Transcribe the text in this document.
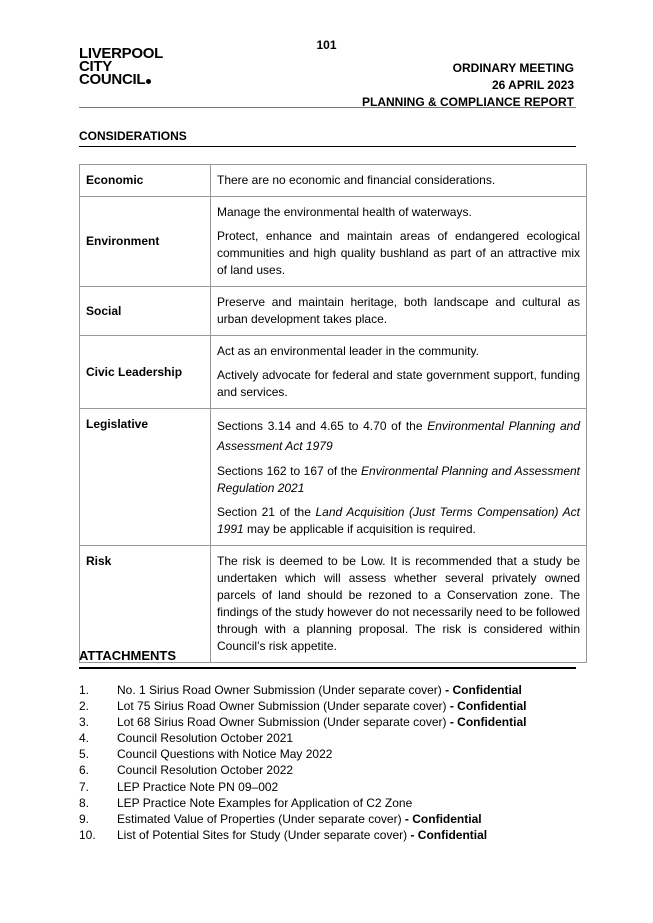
101
LIVERPOOL
CITY
COUNCIL
ORDINARY MEETING
26 APRIL 2023
PLANNING & COMPLIANCE REPORT
CONSIDERATIONS
Economic	There are no economic and financial considerations.
Environment	Manage the environmental health of waterways.

Protect, enhance and maintain areas of endangered ecological communities and high quality bushland as part of an attractive mix of land uses.

Social	Preserve and maintain heritage, both landscape and cultural as urban development takes place.
Civic Leadership	Act as an environmental leader in the community.

Actively advocate for federal and state government support, funding and services.

Legislative	Sections 3.14 and 4.65 to 4.70 of the Environmental Planning and Assessment Act 1979

Sections 162 to 167 of the Environmental Planning and Assessment Regulation 2021

Section 21 of the Land Acquisition (Just Terms Compensation) Act 1991 may be applicable if acquisition is required.

Risk	The risk is deemed to be Low. It is recommended that a study be undertaken which will assess whether several privately owned parcels of land should be rezoned to a Conservation zone. The findings of the study however do not necessarily need to be followed through with a planning proposal. The risk is considered within Council’s risk appetite.
ATTACHMENTS
1.	No. 1 Sirius Road Owner Submission (Under separate cover) - Confidential
2.	Lot 75 Sirius Road Owner Submission (Under separate cover) - Confidential
3.	Lot 68 Sirius Road Owner Submission (Under separate cover) - Confidential
4.	Council Resolution October 2021
5.	Council Questions with Notice May 2022
6.	Council Resolution October 2022
7.	LEP Practice Note PN 09–002
8.	LEP Practice Note Examples for Application of C2 Zone
9.	Estimated Value of Properties (Under separate cover) - Confidential
10.	List of Potential Sites for Study (Under separate cover) - Confidential
